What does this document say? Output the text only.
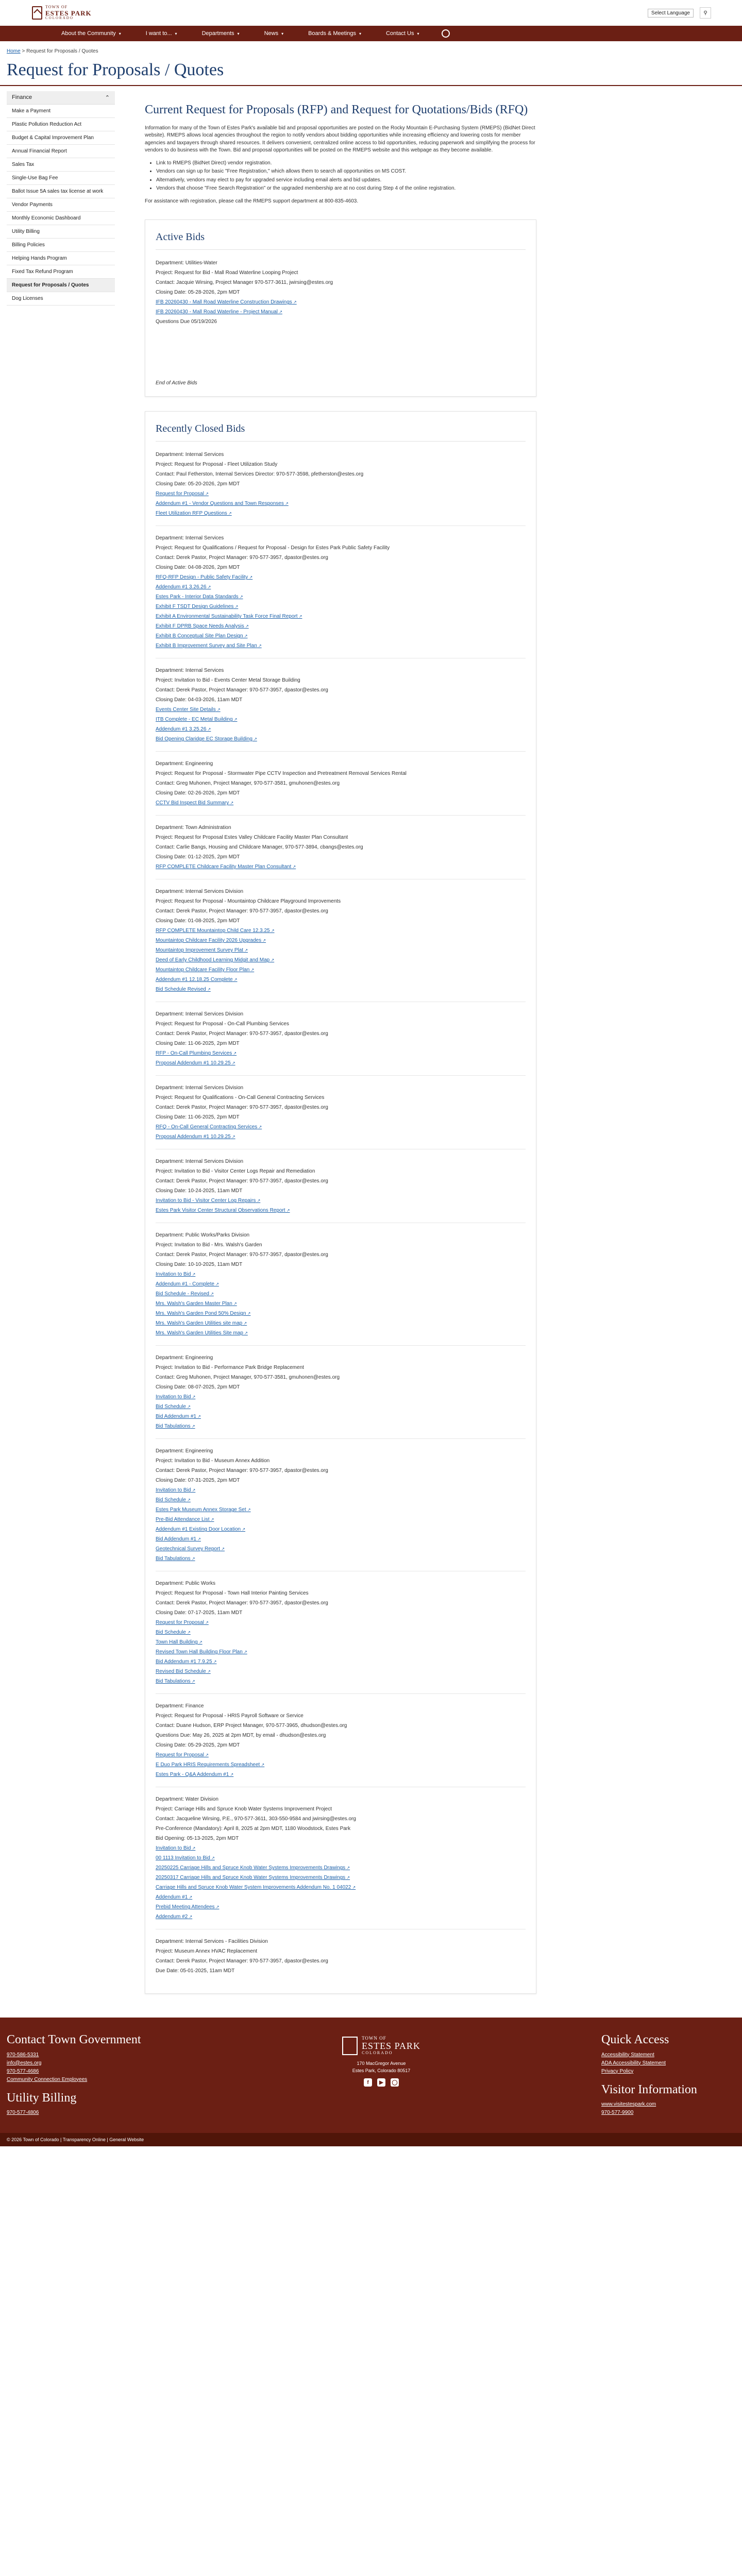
TOWN OF
ESTES PARK
COLORADO
Select Language	⚲
About the Community ▾	I want to... ▾	Departments ▾	News ▾	Boards & Meetings ▾	Contact Us ▾
Home > Request for Proposals / Quotes
Request for Proposals / Quotes
Finance	⌃
Make a Payment
Plastic Pollution Reduction Act
Budget & Capital Improvement Plan
Annual Financial Report
Sales Tax
Single-Use Bag Fee
Ballot Issue 5A sales tax license at work
Vendor Payments
Monthly Economic Dashboard
Utility Billing
Billing Policies
Helping Hands Program
Fixed Tax Refund Program
Request for Proposals / Quotes
Dog Licenses
Current Request for Proposals (RFP) and Request for Quotations/Bids (RFQ)

Information for many of the Town of Estes Park's available bid and proposal opportunities are posted on the Rocky Mountain E-Purchasing System (RMEPS) (BidNet Direct website). RMEPS allows local agencies throughout the region to notify vendors about bidding opportunities while increasing efficiency and lowering costs for member agencies and taxpayers through shared resources. It delivers convenient, centralized online access to bid opportunities, reducing paperwork and simplifying the process for vendors to do business with the Town. Bid and proposal opportunities will be posted on the RMEPS website and this webpage as they become available.

• Link to RMEPS (BidNet Direct) vendor registration.
• Vendors can sign up for basic "Free Registration," which allows them to search all opportunities on MS COST.
• Alternatively, vendors may elect to pay for upgraded service including email alerts and bid updates.
• Vendors that choose "Free Search Registration" or the upgraded membership are at no cost during Step 4 of the online registration.

For assistance with registration, please call the RMEPS support department at 800-835-4603.

Active Bids
Department: Utilities-Water
Project: Request for Bid - Mall Road Waterline Looping Project
Contact: Jacquie Wirsing, Project Manager 970-577-3611, jwirsing@estes.org
Closing Date: 05-28-2026, 2pm MDT
IFB 20260430 - Mall Road Waterline Construction Drawings ↗
IFB 20260430 - Mall Road Waterline - Project Manual ↗
Questions Due 05/19/2026

End of Active Bids

Recently Closed Bids
Department: Internal Services
Project: Request for Proposal - Fleet Utilization Study
Contact: Paul Fetherston, Internal Services Director: 970-577-3598, pfetherston@estes.org
Closing Date: 05-20-2026, 2pm MDT
Request for Proposal ↗
Addendum #1 - Vendor Questions and Town Responses ↗
Fleet Utilization RFP Questions ↗
Department: Internal Services
Project: Request for Qualifications / Request for Proposal - Design for Estes Park Public Safety Facility
Contact: Derek Pastor, Project Manager: 970-577-3957, dpastor@estes.org
Closing Date: 04-08-2026, 2pm MDT
RFQ-RFP Design - Public Safety Facility ↗
Addendum #1 3.26.26 ↗
Estes Park - Interior Data Standards ↗
Exhibit F TSDT Design Guidelines ↗
Exhibit A Environmental Sustainability Task Force Final Report ↗
Exhibit F DPRB Space Needs Analysis ↗
Exhibit B Conceptual Site Plan Design ↗
Exhibit B Improvement Survey and Site Plan ↗
Department: Internal Services
Project: Invitation to Bid - Events Center Metal Storage Building
Contact: Derek Pastor, Project Manager: 970-577-3957, dpastor@estes.org
Closing Date: 04-03-2026, 11am MDT
Events Center Site Details ↗
ITB Complete - EC Metal Building ↗
Addendum #1 3.25.26 ↗
Bid Opening Claridge EC Storage Building ↗
Department: Engineering
Project: Request for Proposal - Stormwater Pipe CCTV Inspection and Pretreatment Removal Services Rental
Contact: Greg Muhonen, Project Manager, 970-577-3581, gmuhonen@estes.org
Closing Date: 02-26-2026, 2pm MDT
CCTV Bid Inspect Bid Summary ↗
Department: Town Administration
Project: Request for Proposal Estes Valley Childcare Facility Master Plan Consultant
Contact: Carlie Bangs, Housing and Childcare Manager, 970-577-3894, cbangs@estes.org
Closing Date: 01-12-2025, 2pm MDT
RFP COMPLETE Childcare Facility Master Plan Consultant ↗
Department: Internal Services Division
Project: Request for Proposal - Mountaintop Childcare Playground Improvements
Contact: Derek Pastor, Project Manager: 970-577-3957, dpastor@estes.org
Closing Date: 01-08-2025, 2pm MDT
RFP COMPLETE Mountaintop Child Care 12.3.25 ↗
Mountaintop Childcare Facility 2026 Upgrades ↗
Mountaintop Improvement Survey Plat ↗
Deed of Early Childhood Learning Midgit and Map ↗
Mountaintop Childcare Facility Floor Plan ↗
Addendum #1 12.18.25 Complete ↗
Bid Schedule Revised ↗
Department: Internal Services Division
Project: Request for Proposal - On-Call Plumbing Services
Contact: Derek Pastor, Project Manager: 970-577-3957, dpastor@estes.org
Closing Date: 11-06-2025, 2pm MDT
RFP - On-Call Plumbing Services ↗
Proposal Addendum #1 10.29.25 ↗
Department: Internal Services Division
Project: Request for Qualifications - On-Call General Contracting Services
Contact: Derek Pastor, Project Manager: 970-577-3957, dpastor@estes.org
Closing Date: 11-06-2025, 2pm MDT
RFQ - On-Call General Contracting Services ↗
Proposal Addendum #1 10.29.25 ↗
Department: Internal Services Division
Project: Invitation to Bid - Visitor Center Logs Repair and Remediation
Contact: Derek Pastor, Project Manager: 970-577-3957, dpastor@estes.org
Closing Date: 10-24-2025, 11am MDT
Invitation to Bid - Visitor Center Log Repairs ↗
Estes Park Visitor Center Structural Observations Report ↗
Department: Public Works/Parks Division
Project: Invitation to Bid - Mrs. Walsh's Garden
Contact: Derek Pastor, Project Manager: 970-577-3957, dpastor@estes.org
Closing Date: 10-10-2025, 11am MDT
Invitation to Bid ↗
Addendum #1 - Complete ↗
Bid Schedule - Revised ↗
Mrs. Walsh's Garden Master Plan ↗
Mrs. Walsh's Garden Pond 50% Design ↗
Mrs. Walsh's Garden Utilities site map ↗
Mrs. Walsh's Garden Utilities Site map ↗
Department: Engineering
Project: Invitation to Bid - Performance Park Bridge Replacement
Contact: Greg Muhonen, Project Manager, 970-577-3581, gmuhonen@estes.org
Closing Date: 08-07-2025, 2pm MDT
Invitation to Bid ↗
Bid Schedule ↗
Bid Addendum #1 ↗
Bid Tabulations ↗
Department: Engineering
Project: Invitation to Bid - Museum Annex Addition
Contact: Derek Pastor, Project Manager: 970-577-3957, dpastor@estes.org
Closing Date: 07-31-2025, 2pm MDT
Invitation to Bid ↗
Bid Schedule ↗
Estes Park Museum Annex Storage Set ↗
Pre-Bid Attendance List ↗
Addendum #1 Existing Door Location ↗
Bid Addendum #1 ↗
Geotechnical Survey Report ↗
Bid Tabulations ↗
Department: Public Works
Project: Request for Proposal - Town Hall Interior Painting Services
Contact: Derek Pastor, Project Manager: 970-577-3957, dpastor@estes.org
Closing Date: 07-17-2025, 11am MDT
Request for Proposal ↗
Bid Schedule ↗
Town Hall Building ↗
Revised Town Hall Building Floor Plan ↗
Bid Addendum #1 7.9.25 ↗
Revised Bid Schedule ↗
Bid Tabulations ↗
Department: Finance
Project: Request for Proposal - HRIS Payroll Software or Service
Contact: Duane Hudson, ERP Project Manager, 970-577-3965, dhudson@estes.org
Questions Due: May 26, 2025 at 2pm MDT, by email - dhudson@estes.org
Closing Date: 05-29-2025, 2pm MDT
Request for Proposal ↗
E Duo Park HRIS Requirements Spreadsheet ↗
Estes Park - Q&A Addendum #1 ↗
Department: Water Division
Project: Carriage Hills and Spruce Knob Water Systems Improvement Project
Contact: Jacqueline Wirsing, P.E., 970-577-3611, 303-550-9584 and jwirsing@estes.org
Pre-Conference (Mandatory): April 8, 2025 at 2pm MDT, 1180 Woodstock, Estes Park
Bid Opening: 05-13-2025, 2pm MDT
Invitation to Bid ↗
00 1113 Invitation to Bid ↗
20250225 Carriage Hills and Spruce Knob Water Systems Improvements Drawings ↗
20250317 Carriage Hills and Spruce Knob Water Systems Improvements Drawings ↗
Carriage Hills and Spruce Knob Water System Improvements Addendum No. 1 04022 ↗
Addendum #1 ↗
Prebid Meeting Attendees ↗
Addendum #2 ↗
Department: Internal Services - Facilities Division
Project: Museum Annex HVAC Replacement
Contact: Derek Pastor, Project Manager: 970-577-3957, dpastor@estes.org
Due Date: 05-01-2025, 11am MDT
Contact Town Government
970-586-5331
info@estes.org
970-577-4686
Community Connection Employees
Utility Billing
970-577-4806
TOWN OF
ESTES PARK
COLORADO
170 MacGregor Avenue
Estes Park, Colorado 80517
f	▶	◯
Quick Access
Accessibility Statement
ADA Accessibility Statement
Privacy Policy
Visitor Information
www.visitestespark.com
970-577-9900
© 2026 Town of Colorado | Transparency Online | General Website
